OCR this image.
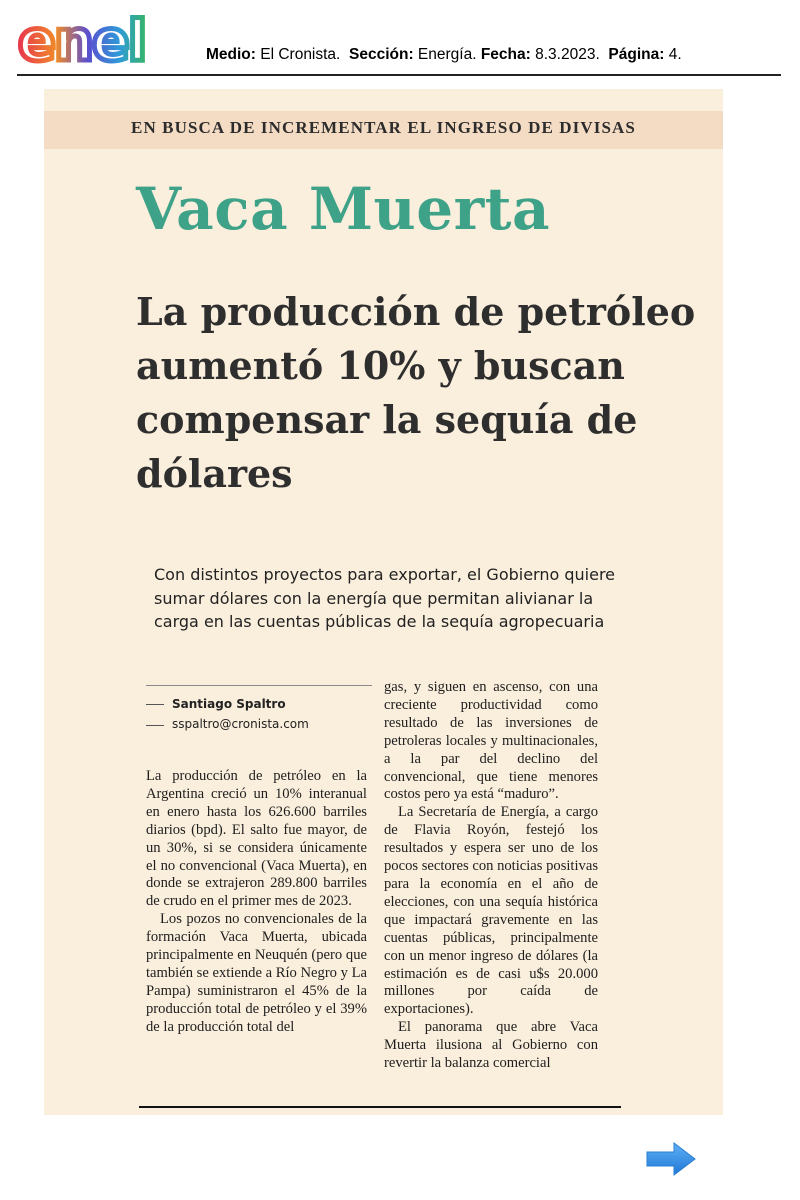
enel	Medio: El Cronista. Sección: Energía. Fecha: 8.3.2023. Página: 4.
EN BUSCA DE INCREMENTAR EL INGRESO DE DIVISAS
Vaca Muerta
La producción de petróleo aumentó 10% y buscan compensar la sequía de dólares
Con distintos proyectos para exportar, el Gobierno quiere sumar dólares con la energía que permitan alivianar la carga en las cuentas públicas de la sequía agropecuaria
Santiago Spaltro
sspaltro@cronista.com

La producción de petróleo en la Argentina creció un 10% interanual en enero hasta los 626.600 barriles diarios (bpd). El salto fue mayor, de un 30%, si se considera únicamente el no convencional (Vaca Muerta), en donde se extrajeron 289.800 barriles de crudo en el primer mes de 2023.

Los pozos no convencionales de la formación Vaca Muerta, ubicada principalmente en Neuquén (pero que también se extiende a Río Negro y La Pampa) suministraron el 45% de la producción total de petróleo y el 39% de la producción total del

gas, y siguen en ascenso, con una creciente productividad como resultado de las inversiones de petroleras locales y multinacionales, a la par del declino del convencional, que tiene menores costos pero ya está “maduro”.

La Secretaría de Energía, a cargo de Flavia Royón, festejó los resultados y espera ser uno de los pocos sectores con noticias positivas para la economía en el año de elecciones, con una sequía histórica que impactará gravemente en las cuentas públicas, principalmente con un menor ingreso de dólares (la estimación es de casi u$s 20.000 millones por caída de exportaciones).

El panorama que abre Vaca Muerta ilusiona al Gobierno con revertir la balanza comercial
